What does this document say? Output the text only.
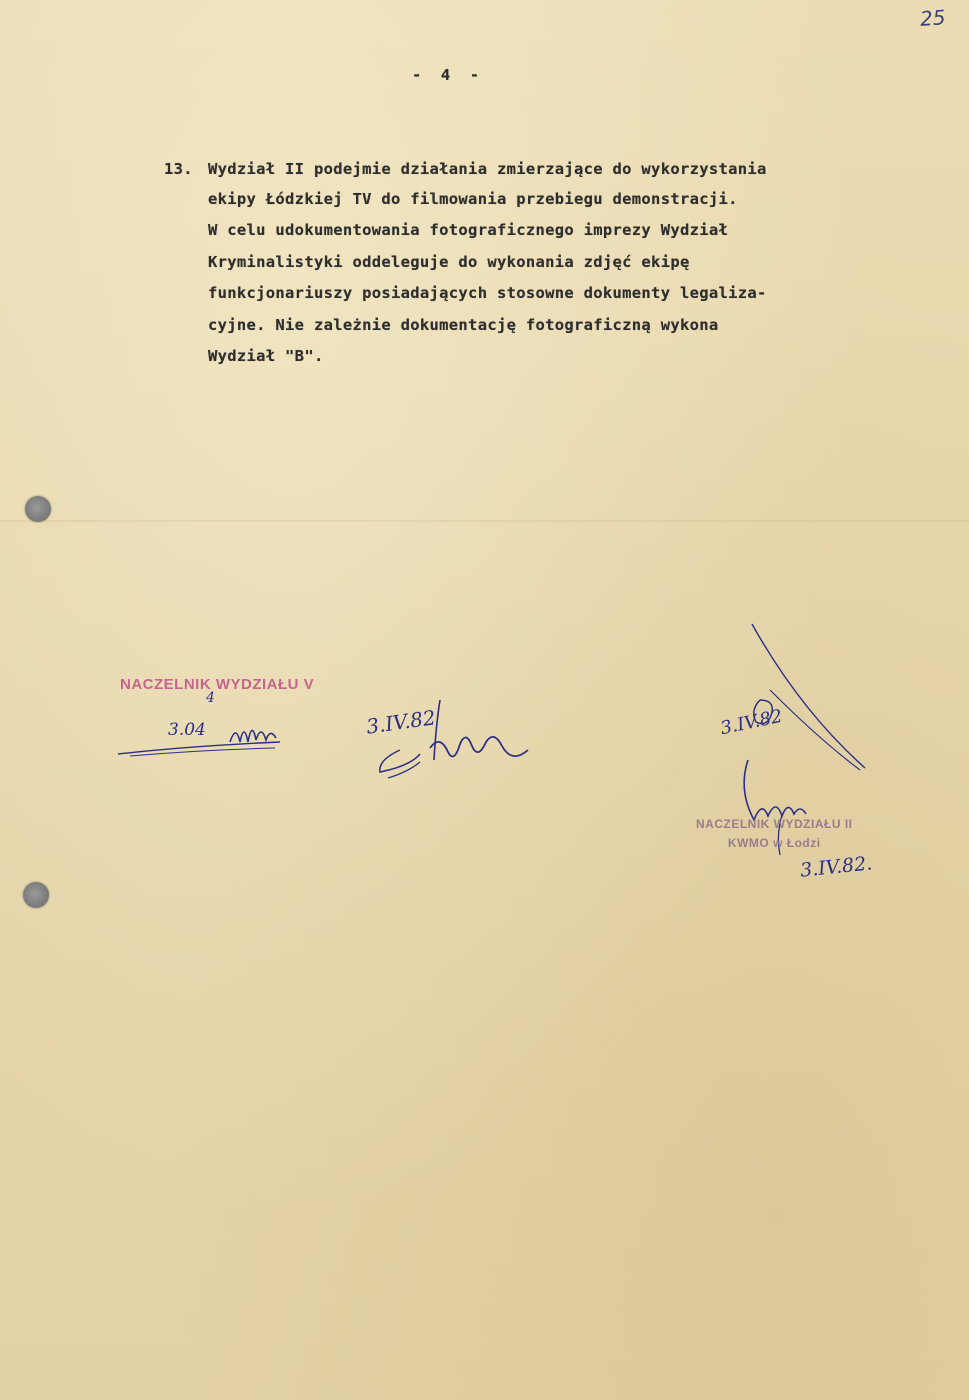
25
-  4  -
13. Wydział II podejmie działania zmierzające do wykorzystania
ekipy Łódzkiej TV do filmowania przebiegu demonstracji.
W celu udokumentowania fotograficznego imprezy Wydział
Kryminalistyki oddeleguje do wykonania zdjęć ekipę
funkcjonariuszy posiadających stosowne dokumenty legaliza-
cyjne. Nie zależnie dokumentację fotograficzną wykona
Wydział "B".
NACZELNIK WYDZIAŁU V
4
3.04	3.IV.82	3.IV.82
NACZELNIK WYDZIAŁU II
KWMO w Łodzi
3.IV.82.
